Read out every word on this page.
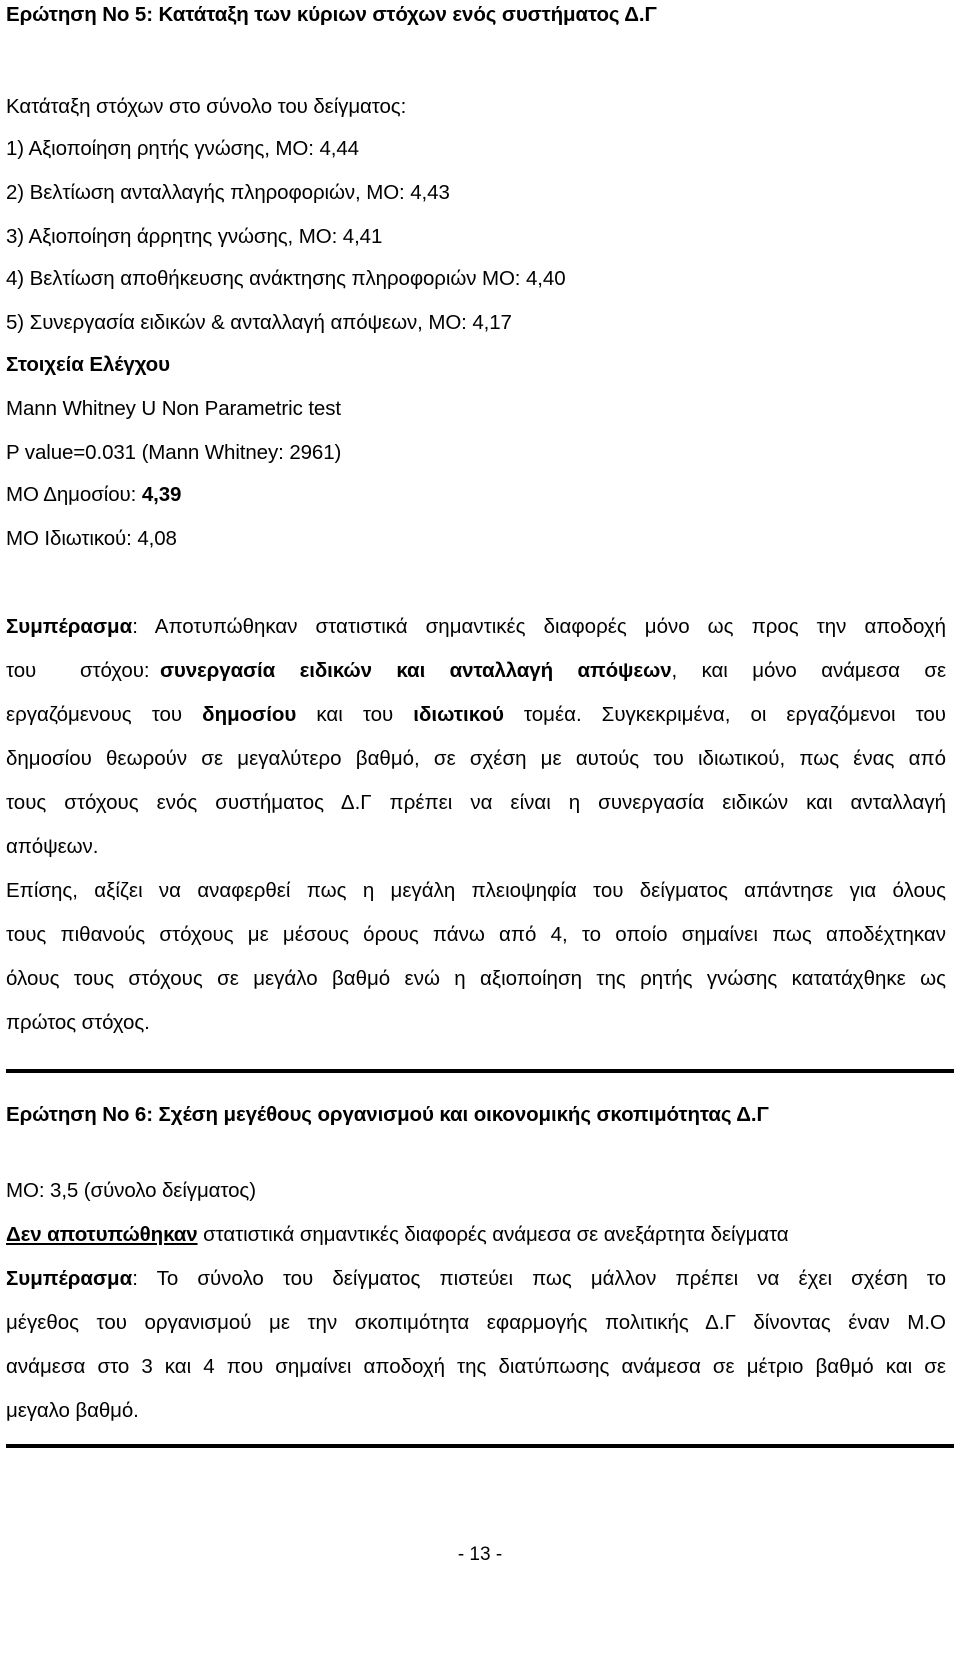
Ερώτηση Νο 5: Κατάταξη των κύριων στόχων ενός συστήματος Δ.Γ
Κατάταξη στόχων στο σύνολο του δείγματος:
1) Αξιοποίηση ρητής γνώσης, ΜΟ: 4,44
2) Βελτίωση ανταλλαγής πληροφοριών, ΜΟ: 4,43
3) Αξιοποίηση άρρητης γνώσης, ΜΟ: 4,41
4) Βελτίωση αποθήκευσης ανάκτησης πληροφοριών ΜΟ: 4,40
5) Συνεργασία ειδικών & ανταλλαγή απόψεων, ΜΟ: 4,17
Στοιχεία Ελέγχου
Mann Whitney U Non Parametric test
P value=0.031 (Mann Whitney: 2961)
ΜΟ Δημοσίου: 4,39
ΜΟ Ιδιωτικού: 4,08
Συμπέρασμα: Αποτυπώθηκαν στατιστικά σημαντικές διαφορές μόνο ως προς την αποδοχή
του στόχου: συνεργασία ειδικών και ανταλλαγή απόψεων, και μόνο ανάμεσα σε
εργαζόμενους του δημοσίου και του ιδιωτικού τομέα. Συγκεκριμένα, οι εργαζόμενοι του
δημοσίου θεωρούν σε μεγαλύτερο βαθμό, σε σχέση με αυτούς του ιδιωτικού, πως ένας από
τους στόχους ενός συστήματος Δ.Γ πρέπει να είναι η συνεργασία ειδικών και ανταλλαγή
απόψεων.
Επίσης, αξίζει να αναφερθεί πως η μεγάλη πλειοψηφία του δείγματος απάντησε για όλους
τους πιθανούς στόχους με μέσους όρους πάνω από 4, το οποίο σημαίνει πως αποδέχτηκαν
όλους τους στόχους σε μεγάλο βαθμό ενώ η αξιοποίηση της ρητής γνώσης κατατάχθηκε ως
πρώτος στόχος.
Ερώτηση Νο 6: Σχέση μεγέθους οργανισμού και οικονομικής σκοπιμότητας Δ.Γ
ΜΟ: 3,5 (σύνολο δείγματος)
Δεν αποτυπώθηκαν στατιστικά σημαντικές διαφορές ανάμεσα σε ανεξάρτητα δείγματα
Συμπέρασμα: Το σύνολο του δείγματος πιστεύει πως μάλλον πρέπει να έχει σχέση το
μέγεθος του οργανισμού με την σκοπιμότητα εφαρμογής πολιτικής Δ.Γ δίνοντας έναν Μ.Ο
ανάμεσα στο 3 και 4 που σημαίνει αποδοχή της διατύπωσης ανάμεσα σε μέτριο βαθμό και σε
μεγαλο βαθμό.
- 13 -
